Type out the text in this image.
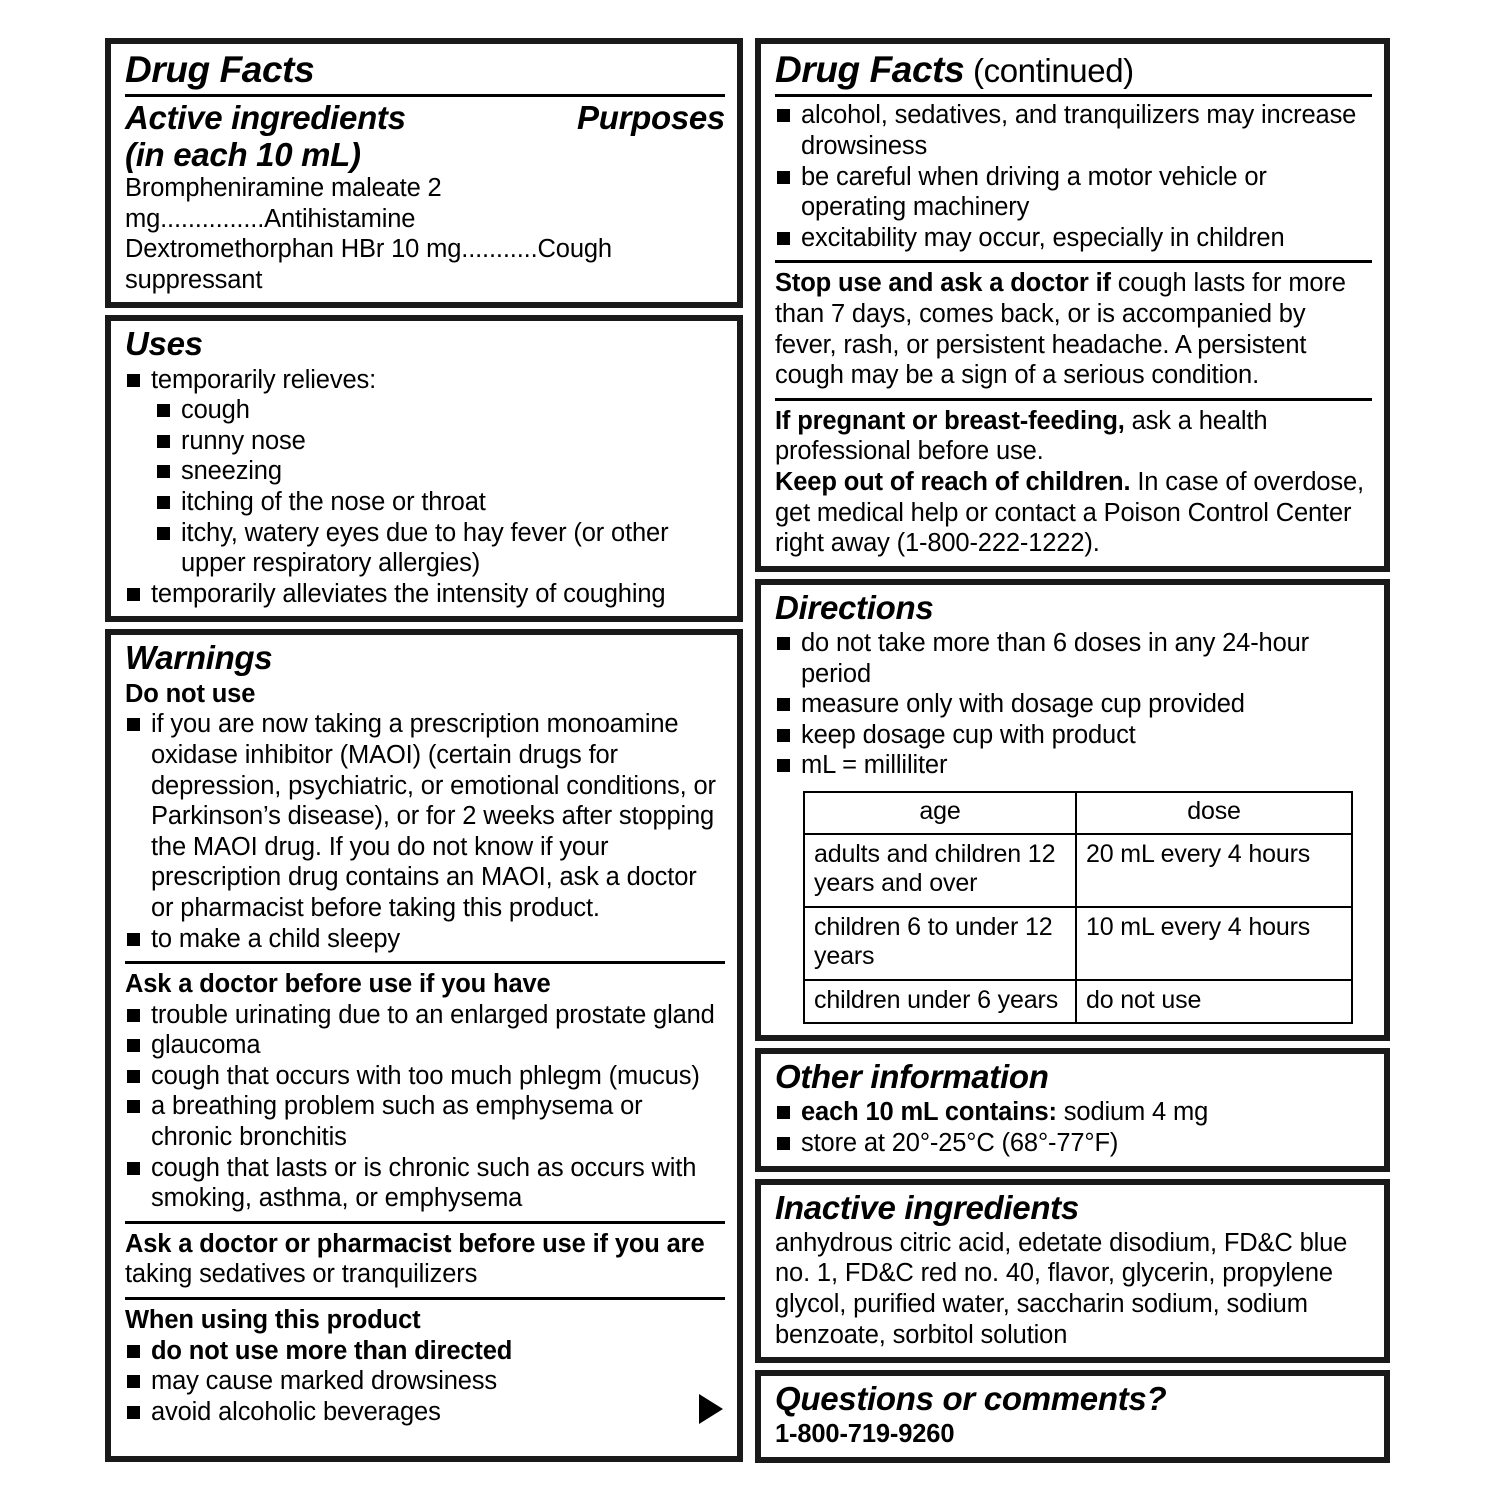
Drug Facts
Active ingredients
(in each 10 mL)
Purposes
Brompheniramine maleate 2 mg...............Antihistamine
Dextromethorphan HBr 10 mg...........Cough suppressant
Uses
temporarily relieves:
cough
runny nose
sneezing
itching of the nose or throat
itchy, watery eyes due to hay fever (or other upper respiratory allergies)
temporarily alleviates the intensity of coughing
Warnings
Do not use
if you are now taking a prescription monoamine oxidase inhibitor (MAOI) (certain drugs for depression, psychiatric, or emotional conditions, or Parkinson’s disease), or for 2 weeks after stopping the MAOI drug. If you do not know if your prescription drug contains an MAOI, ask a doctor or pharmacist before taking this product.
to make a child sleepy
Ask a doctor before use if you have
trouble urinating due to an enlarged prostate gland
glaucoma
cough that occurs with too much phlegm (mucus)
a breathing problem such as emphysema or chronic bronchitis
cough that lasts or is chronic such as occurs with smoking, asthma, or emphysema
Ask a doctor or pharmacist before use if you are
taking sedatives or tranquilizers
When using this product
do not use more than directed
may cause marked drowsiness
avoid alcoholic beverages
Drug Facts (continued)
alcohol, sedatives, and tranquilizers may increase drowsiness
be careful when driving a motor vehicle or operating machinery
excitability may occur, especially in children

Stop use and ask a doctor if cough lasts for more than 7 days, comes back, or is accompanied by fever, rash, or persistent headache. A persistent cough may be a sign of a serious condition.

If pregnant or breast-feeding, ask a health professional before use.

Keep out of reach of children. In case of overdose, get medical help or contact a Poison Control Center right away (1-800-222-1222).

Directions
do not take more than 6 doses in any 24-hour period
measure only with dosage cup provided
keep dosage cup with product
mL = milliliter
age	dose
adults and children 12 years and over	20 mL every 4 hours
children 6 to under 12 years	10 mL every 4 hours
children under 6 years	do not use
Other information
each 10 mL contains: sodium 4 mg
store at 20°-25°C (68°-77°F)
Inactive ingredients

anhydrous citric acid, edetate disodium, FD&C blue no. 1, FD&C red no. 40, flavor, glycerin, propylene glycol, purified water, saccharin sodium, sodium benzoate, sorbitol solution

Questions or comments?
1-800-719-9260
